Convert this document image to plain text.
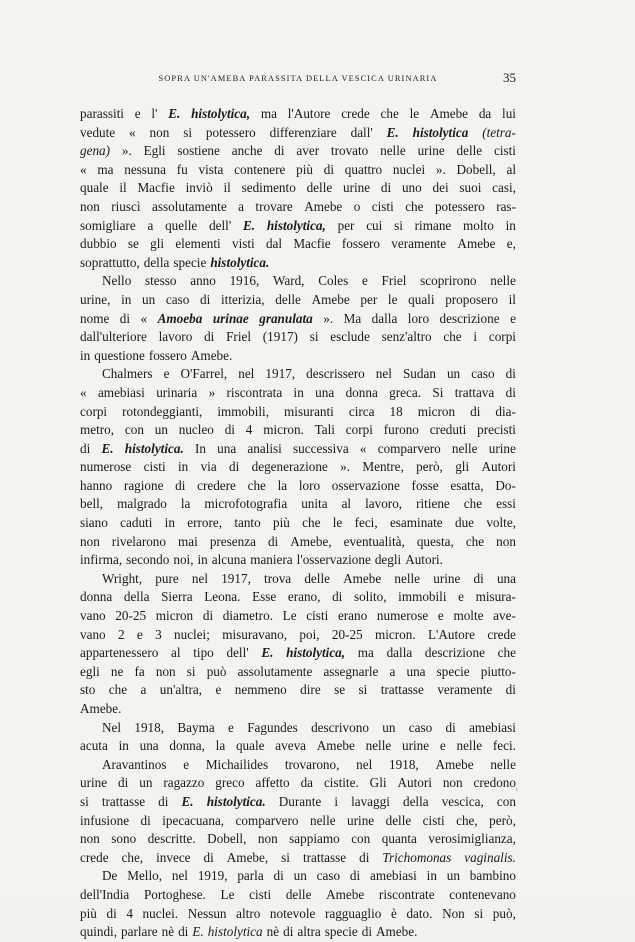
SOPRA UN'AMEBA PARASSITA DELLA VESCICA URINARIA	35
parassiti e l' E. histolytica, ma l'Autore crede che le Amebe da lui
vedute « non si potessero differenziare dall' E. histolytica (tetra-
gena) ». Egli sostiene anche di aver trovato nelle urine delle cisti
« ma nessuna fu vista contenere più di quattro nuclei ». Dobell, al
quale il Macfie inviò il sedimento delle urine di uno dei suoi casi,
non riuscì assolutamente a trovare Amebe o cisti che potessero ras-
somigliare a quelle dell' E. histolytica, per cui si rimane molto in
dubbio se gli elementi visti dal Macfie fossero veramente Amebe e,
soprattutto, della specie histolytica.
Nello stesso anno 1916, Ward, Coles e Friel scoprirono nelle
urine, in un caso di itterizia, delle Amebe per le quali proposero il
nome di « Amoeba urinae granulata ». Ma dalla loro descrizione e
dall'ulteriore lavoro di Friel (1917) si esclude senz'altro che i corpi
in questione fossero Amebe.
Chalmers e O'Farrel, nel 1917, descrissero nel Sudan un caso di
« amebiasi urinaria » riscontrata in una donna greca. Si trattava di
corpi rotondeggianti, immobili, misuranti circa 18 micron di dia-
metro, con un nucleo di 4 micron. Tali corpi furono creduti precisti
di E. histolytica. In una analisi successiva « comparvero nelle urine
numerose cisti in via di degenerazione ». Mentre, però, gli Autori
hanno ragione di credere che la loro osservazione fosse esatta, Do-
bell, malgrado la microfotografia unita al lavoro, ritiene che essi
siano caduti in errore, tanto più che le feci, esaminate due volte,
non rivelarono mai presenza di Amebe, eventualità, questa, che non
infirma, secondo noi, in alcuna maniera l'osservazione degli Autori.
Wright, pure nel 1917, trova delle Amebe nelle urine di una
donna della Sierra Leona. Esse erano, di solito, immobili e misura-
vano 20-25 micron di diametro. Le cisti erano numerose e molte ave-
vano 2 e 3 nuclei; misuravano, poi, 20-25 micron. L'Autore crede
appartenessero al tipo dell' E. histolytica, ma dalla descrizione che
egli ne fa non si può assolutamente assegnarle a una specie piutto-
sto che a un'altra, e nemmeno dire se si trattasse veramente di
Amebe.
Nel 1918, Bayma e Fagundes descrivono un caso di amebiasi
acuta in una donna, la quale aveva Amebe nelle urine e nelle feci.
Aravantinos e Michailides trovarono, nel 1918, Amebe nelle
urine di un ragazzo greco affetto da cistite. Gli Autori non credono
si trattasse di E. histolytica. Durante i lavaggi della vescica, con
infusione di ipecacuana, comparvero nelle urine delle cisti che, però,
non sono descritte. Dobell, non sappiamo con quanta verosimiglianza,
crede che, invece di Amebe, si trattasse di Trichomonas vaginalis.
De Mello, nel 1919, parla di un caso di amebiasi in un bambino
dell'India Portoghese. Le cisti delle Amebe riscontrate contenevano
più di 4 nuclei. Nessun altro notevole ragguaglio è dato. Non si può,
quindi, parlare nè di E. histolytica nè di altra specie di Amebe.
›
